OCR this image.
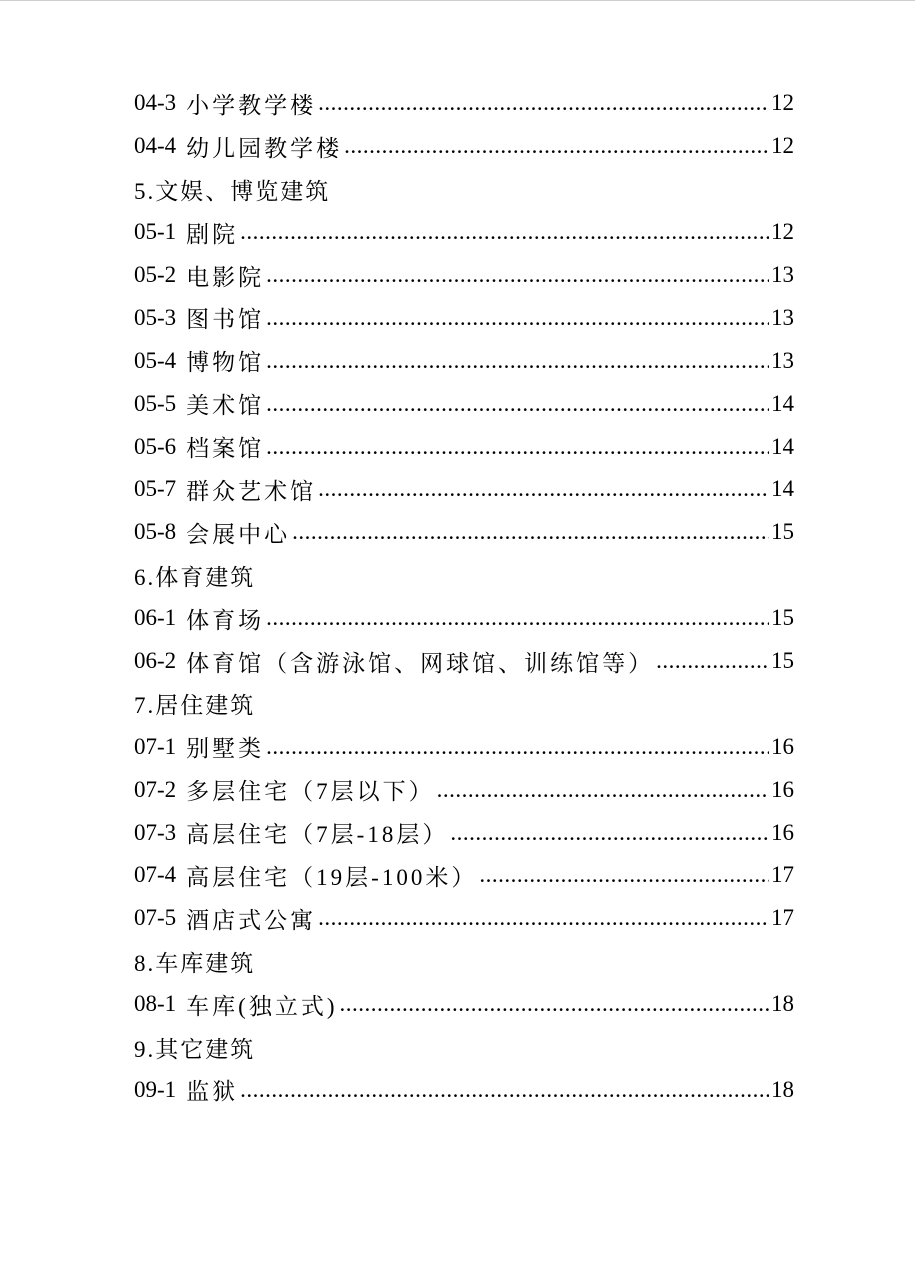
04-3 小学教学楼 .....	12
04-4 幼儿园教学楼 .....	12
5.文娱、博览建筑
05-1 剧院 .....	12
05-2 电影院 .....	13
05-3 图书馆 .....	13
05-4 博物馆 .....	13
05-5 美术馆 .....	14
05-6 档案馆 .....	14
05-7 群众艺术馆 .....	14
05-8 会展中心 .....	15
6.体育建筑
06-1 体育场 .....	15
06-2 体育馆（含游泳馆、网球馆、训练馆等） .....	15
7.居住建筑
07-1 别墅类 .....	16
07-2 多层住宅（7层以下） .....	16
07-3 高层住宅（7层-18层） .....	16
07-4 高层住宅（19层-100米） .....	17
07-5 酒店式公寓 .....	17
8.车库建筑
08-1 车库(独立式) .....	18
9.其它建筑
09-1 监狱 .....	18
